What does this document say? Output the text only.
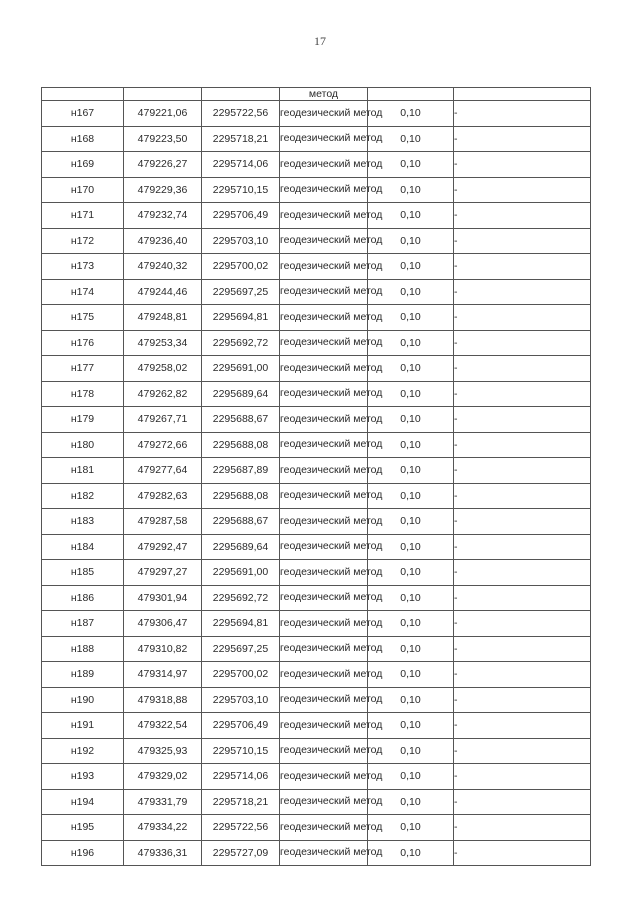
17
			метод		
н167	479221,06	2295722,56	геодезический метод	0,10	-
н168	479223,50	2295718,21	геодезический метод	0,10	-
н169	479226,27	2295714,06	геодезический метод	0,10	-
н170	479229,36	2295710,15	геодезический метод	0,10	-
н171	479232,74	2295706,49	геодезический метод	0,10	-
н172	479236,40	2295703,10	геодезический метод	0,10	-
н173	479240,32	2295700,02	геодезический метод	0,10	-
н174	479244,46	2295697,25	геодезический метод	0,10	-
н175	479248,81	2295694,81	геодезический метод	0,10	-
н176	479253,34	2295692,72	геодезический метод	0,10	-
н177	479258,02	2295691,00	геодезический метод	0,10	-
н178	479262,82	2295689,64	геодезический метод	0,10	-
н179	479267,71	2295688,67	геодезический метод	0,10	-
н180	479272,66	2295688,08	геодезический метод	0,10	-
н181	479277,64	2295687,89	геодезический метод	0,10	-
н182	479282,63	2295688,08	геодезический метод	0,10	-
н183	479287,58	2295688,67	геодезический метод	0,10	-
н184	479292,47	2295689,64	геодезический метод	0,10	-
н185	479297,27	2295691,00	геодезический метод	0,10	-
н186	479301,94	2295692,72	геодезический метод	0,10	-
н187	479306,47	2295694,81	геодезический метод	0,10	-
н188	479310,82	2295697,25	геодезический метод	0,10	-
н189	479314,97	2295700,02	геодезический метод	0,10	-
н190	479318,88	2295703,10	геодезический метод	0,10	-
н191	479322,54	2295706,49	геодезический метод	0,10	-
н192	479325,93	2295710,15	геодезический метод	0,10	-
н193	479329,02	2295714,06	геодезический метод	0,10	-
н194	479331,79	2295718,21	геодезический метод	0,10	-
н195	479334,22	2295722,56	геодезический метод	0,10	-
н196	479336,31	2295727,09	геодезический метод	0,10	-
